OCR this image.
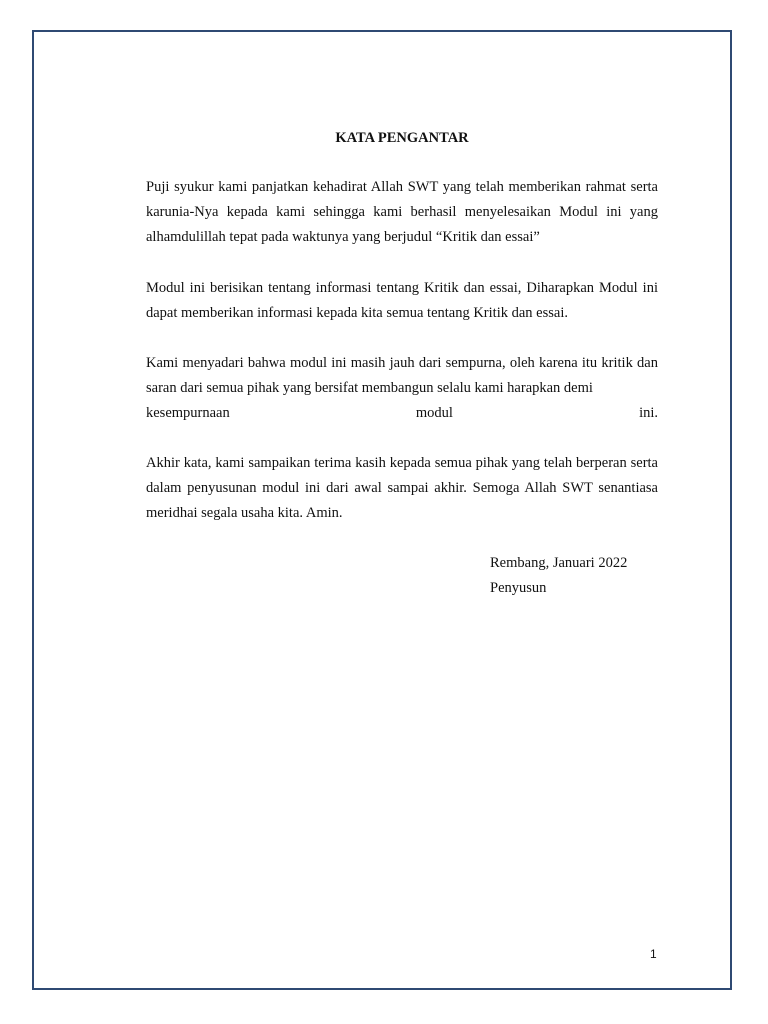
KATA PENGANTAR

Puji syukur kami panjatkan kehadirat Allah SWT yang telah memberikan rahmat serta karunia-Nya kepada kami sehingga kami berhasil menyelesaikan Modul ini yang alhamdulillah tepat pada waktunya yang berjudul “Kritik dan essai”

Modul ini berisikan tentang informasi tentang Kritik dan essai, Diharapkan Modul ini dapat memberikan informasi kepada kita semua tentang Kritik dan essai.

Kami menyadari bahwa modul ini masih jauh dari sempurna, oleh karena itu kritik dan saran dari semua pihak yang bersifat membangun selalu kami harapkan demi
kesempurnaan	modul	ini.

Akhir kata, kami sampaikan terima kasih kepada semua pihak yang telah berperan serta dalam penyusunan modul ini dari awal sampai akhir. Semoga Allah SWT senantiasa meridhai segala usaha kita. Amin.

Rembang, Januari 2022
Penyusun
1
